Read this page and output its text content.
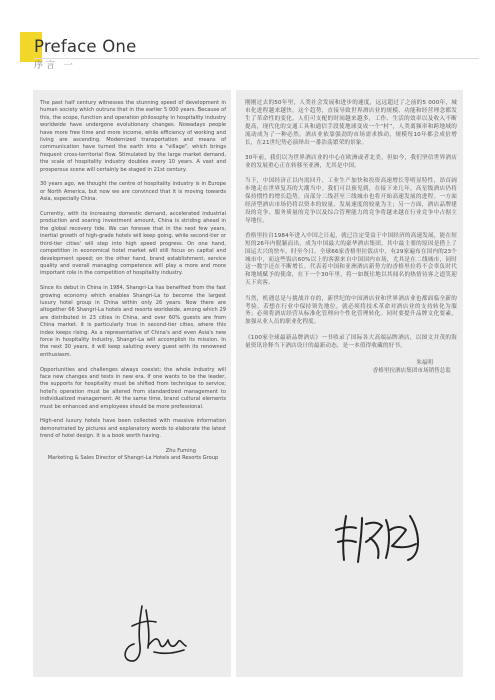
Preface One
序言 一

The past half century witnesses the stunning speed of development in human society which outruns that in the earlier 5 000 years. Because of this, the scope, function and operation philosophy in hospitality industry worldwide have undergone evolutionary changes. Nowadays people have more free time and more income, while efficiency of working and living are ascending. Modernized transportation and means of communication have turned the earth into a "village", which brings frequent cross-territorial flow. Stimulated by the large market demand, the scale of hospitality industry doubles every 10 years. A vast and prosperous scene will certainly be staged in 21st century.

30 years ago, we thought the centre of hospitality industry is in Europe or North America, but now we are convinced that it is moving towards Asia, especially China.

Currently, with its increasing domestic demand, accelerated industrial production and soaring investment amount, China is striding ahead in the global recovery tide. We can foresee that in the next few years, inertial growth of high-grade hotels will keep going, while second-tier or third-tier cities' will step into high speed progress. On one hand, competition in economical hotel market will still focus on capital and development speed; on the other hand, brand establishment, service quality and overall managing competence will play a more and more important role in the competition of hospitality industry.

Since its debut in China in 1984, Shangri-La has benefited from the fast growing economy which enables Shangri-La to become the largest luxury hotel group in China within only 26 years. Now there are altogether 66 Shangri-La hotels and resorts worldwide, among which 29 are distributed in 23 cities in China, and over 60% guests are from China market. It is particularly true in second-tier cities, where this index keeps rising. As a representative of China's and even Asia's new force in hospitality industry, Shangri-La will accomplish its mission. In the next 30 years, it will keep saluting every guest with its renowned enthusiasm.

Opportunities and challenges always coexist; the whole industry will face new changes and tests in new era. If one wants to be the leader, the supports for hospitality must be shifted from technique to service; hotel's operation must be altered from standardized management to individualized management. At the same time, brand cultural elements must be enhanced and employees should be more professional.

High-end luxury hotels have been collected with massive information demonstrated by pictures and explanatory words to elaborate the latest trend of hotel design. It is a book worth having.

Zhu Fuming
Marketing & Sales Director of Shangri-La Hotels and Resorts Group

刚刚过去的50年里，人类社会发展和进步的速度，远远超过了之前的5 000年，城市化进程越来越快。这个趋势，直接导致世界酒店业的规模、功能和经营理念都发生了革命性的变化。人们可支配的时间越来越多，工作、生活的效率以及收入不断提高，现代化的交通工具和通信手段使地球变成一个“村”，人类离频率和跨地域的流动成为了一种必然。酒店业依靠强劲的市场需求推动，规模每10年都会成倍增长，在21世纪势必演绎出一番浩荡繁荣的景象。

30年前，我们以为世界酒店业的中心在欧洲或者北美，但如今，我们坚信世界酒店业的发展重心正在转移至亚洲，尤其是中国。

当下，中国经济正以内需回升、工业生产加快和投资高速增长等明显特性，昂首阔步地走在世界复苏的大潮当中。我们可以预见到，在接下来几年，高星级酒店仍将保持惯性的增长趋势，而部分二线甚至三线城市也将开始高速发展的进程。一方面经济型酒店市场仍将以资本的较量、发展速度的较量为主；另一方面，酒店品牌建设的竞争、服务质量的竞争以及综合管理能力的竞争将越来越在行业竞争中占据主导地位。

香格里拉自1984年进入中国之日起，就已注定受益于中国经济的高速发展，能在短短的26年内脱颖而出，成为中国最大的豪华酒店集团，其中最主要的原因是搭上了国运大兴的快车。时至今日，全球66家香格里拉饭店中，有29家遍布在国内的23个城市中，而这些饭店60%以上的客源来自中国国内市场，尤其是在二线城市，同时这一数字还在不断增长。代表着中国和亚洲酒店新势力的香格里拉将不会辜负时代和地域赋予的使命，在下一个30年里，将一如既往地以其闻名的热情待客之道笑迎天下宾客。

当然，机遇总是与挑战并存的，新世纪的中国酒店业和世界酒店业也都面临全新的考验。若想在行业中保持领先地位，就必须将技术革命对酒店业的支持转化为服务；必须将酒店经营从标准化管理向个性化管理转化。同时要提升品牌文化要素，加强从业人员的职业化程度。

《100家全球最新品牌酒店》一书收录了国际各大高端品牌酒店，以图文并茂的海量资讯诠释当下酒店设计的最新动态，是一本值得收藏的好书。

朱福明
香格里拉酒店集团市场销售总监
